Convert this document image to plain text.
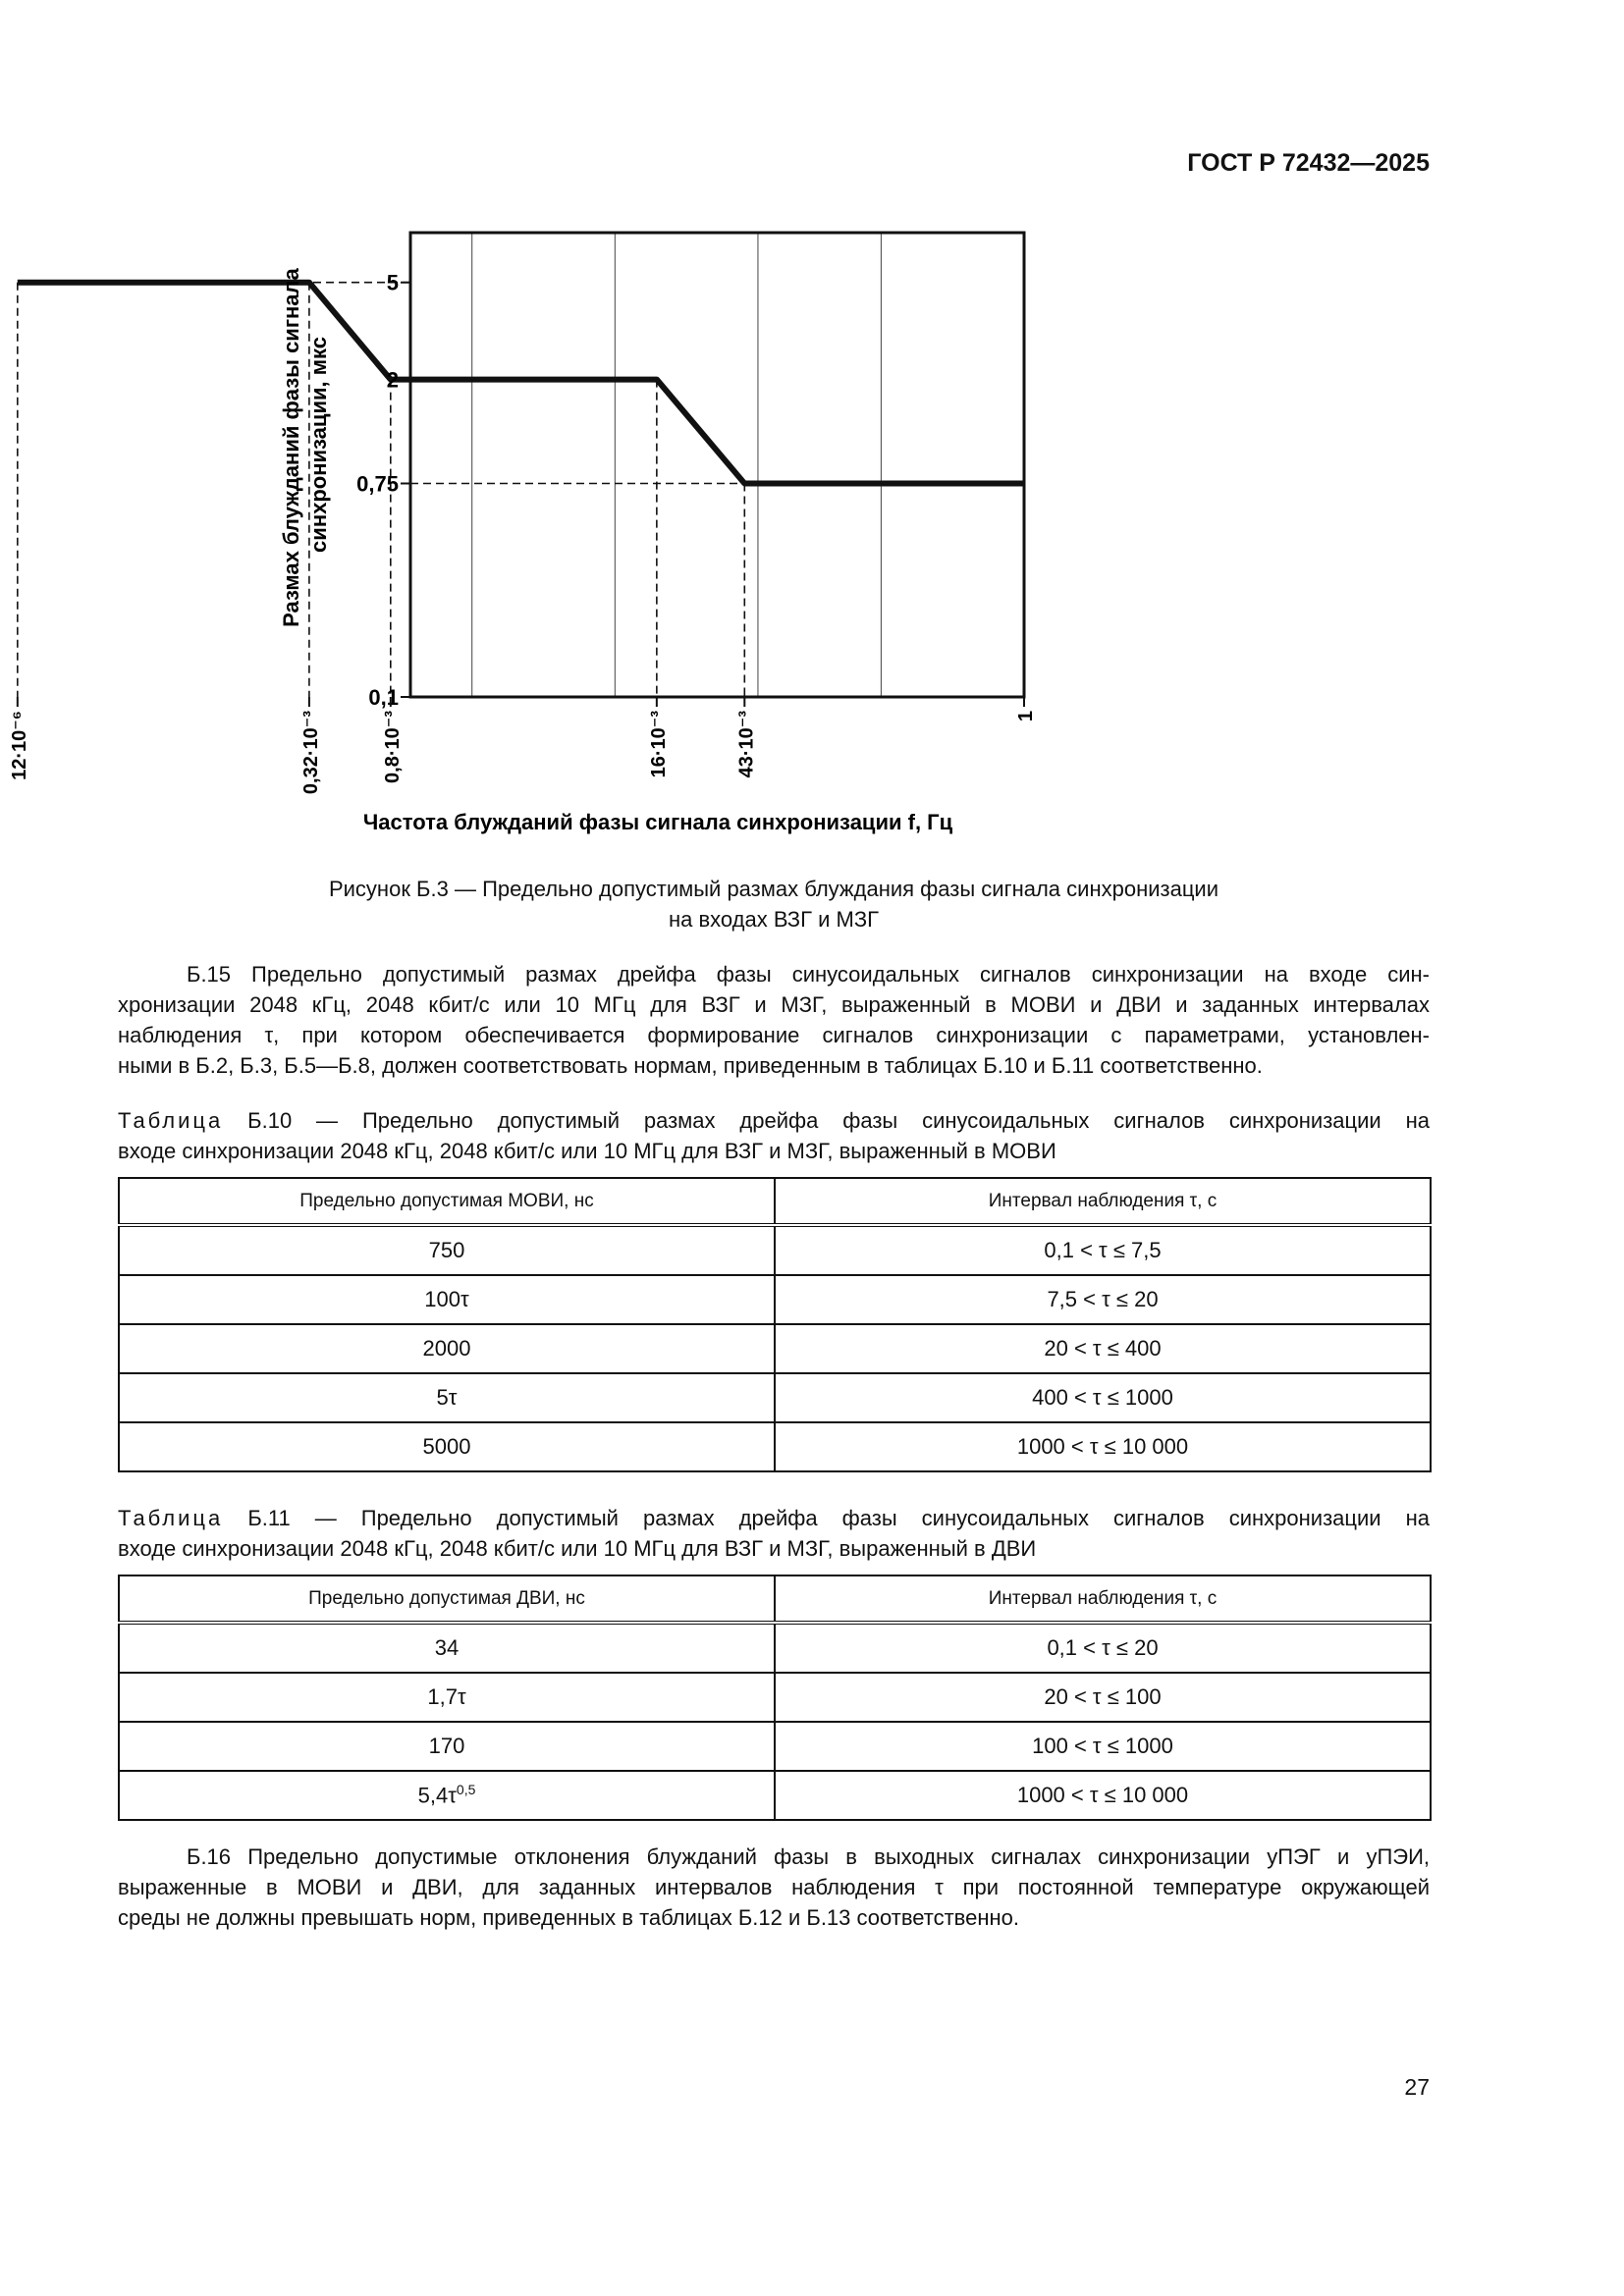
ГОСТ Р 72432—2025
5
2
0,75
0,1
12·10⁻⁶	0,32·10⁻³	0,8·10⁻³	16·10⁻³	43·10⁻³	1
Размах блужданий фазы сигнала синхронизации, мкс
Частота блужданий фазы сигнала синхронизации f, Гц
Рисунок Б.3 — Предельно допустимый размах блуждания фазы сигнала синхронизации
на входах ВЗГ и МЗГ
Б.15 Предельно допустимый размах дрейфа фазы синусоидальных сигналов синхронизации на входе син-
хронизации 2048 кГц, 2048 кбит/с или 10 МГц для ВЗГ и МЗГ, выраженный в МОВИ и ДВИ и заданных интервалах
наблюдения τ, при котором обеспечивается формирование сигналов синхронизации с параметрами, установлен-
ными в Б.2, Б.3, Б.5—Б.8, должен соответствовать нормам, приведенным в таблицах Б.10 и Б.11 соответственно.
Таблица Б.10 — Предельно допустимый размах дрейфа фазы синусоидальных сигналов синхронизации на
входе синхронизации 2048 кГц, 2048 кбит/с или 10 МГц для ВЗГ и МЗГ, выраженный в МОВИ
Предельно допустимая МОВИ, нс	Интервал наблюдения τ, с
750	0,1 < τ ≤ 7,5
100τ	7,5 < τ ≤ 20
2000	20 < τ ≤ 400
5τ	400 < τ ≤ 1000
5000	1000 < τ ≤ 10 000
Таблица Б.11 — Предельно допустимый размах дрейфа фазы синусоидальных сигналов синхронизации на
входе синхронизации 2048 кГц, 2048 кбит/с или 10 МГц для ВЗГ и МЗГ, выраженный в ДВИ
Предельно допустимая ДВИ, нс	Интервал наблюдения τ, с
34	0,1 < τ ≤ 20
1,7τ	20 < τ ≤ 100
170	100 < τ ≤ 1000
$5,4\tau^{0,5}$	1000 < τ ≤ 10 000
Б.16 Предельно допустимые отклонения блужданий фазы в выходных сигналах синхронизации уПЭГ и уПЭИ,
выраженные в МОВИ и ДВИ, для заданных интервалов наблюдения τ при постоянной температуре окружающей
среды не должны превышать норм, приведенных в таблицах Б.12 и Б.13 соответственно.
27
